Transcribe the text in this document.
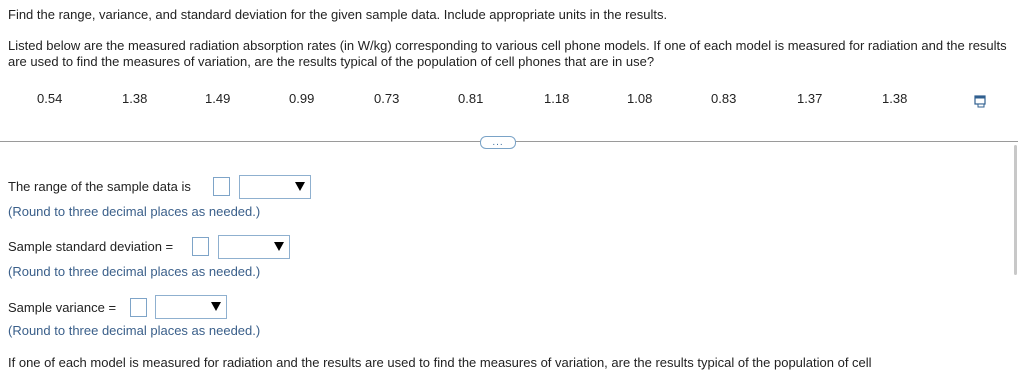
Find the range, variance, and standard deviation for the given sample data. Include appropriate units in the results.
Listed below are the measured radiation absorption rates (in W/kg) corresponding to various cell phone models. If one of each model is measured for radiation and the results are used to find the measures of variation, are the results typical of the population of cell phones that are in use?
0.54	1.38	1.49	0.99	0.73	0.81	1.18	1.08	0.83	1.37	1.38
...
The range of the sample data is
(Round to three decimal places as needed.)
Sample standard deviation =
(Round to three decimal places as needed.)
Sample variance =
(Round to three decimal places as needed.)
If one of each model is measured for radiation and the results are used to find the measures of variation, are the results typical of the population of cell
